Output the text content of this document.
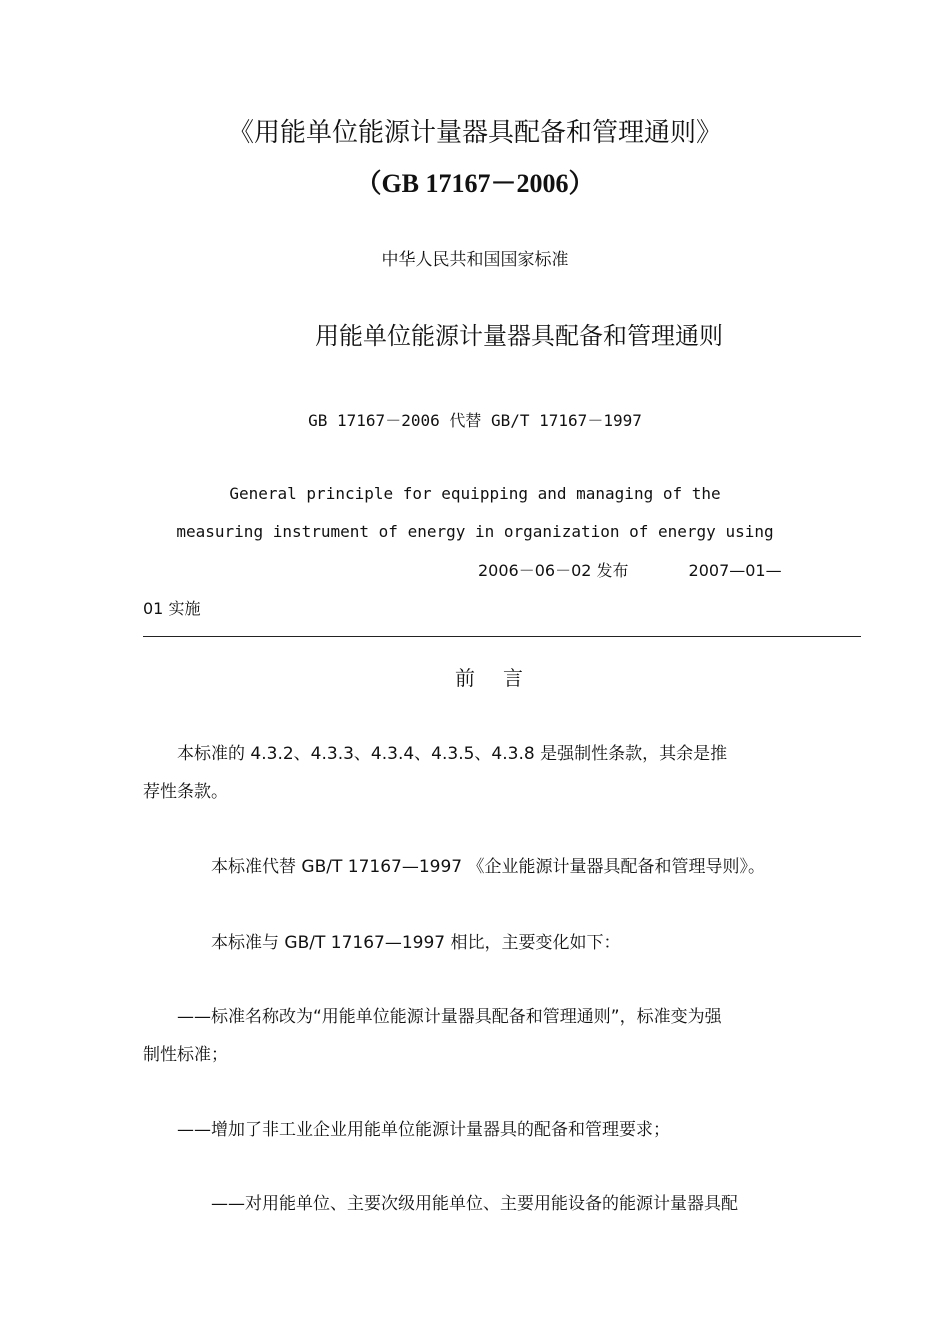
《用能单位能源计量器具配备和管理通则》
（GB 17167－2006）
中华人民共和国国家标准
用能单位能源计量器具配备和管理通则
GB 17167－2006 代替 GB/T 17167－1997
General principle for equipping and managing of the
measuring instrument of energy in organization of energy using
2006－06－02 发布	2007—01—
01 实施
前言
本标准的 4.3.2、4.3.3、4.3.4、4.3.5、4.3.8 是强制性条款，其余是推
荐性条款。
本标准代替 GB/T 17167—1997 《企业能源计量器具配备和管理导则》。
本标准与 GB/T 17167—1997 相比，主要变化如下：
——标准名称改为“用能单位能源计量器具配备和管理通则”，标准变为强
制性标准；
——增加了非工业企业用能单位能源计量器具的配备和管理要求；
——对用能单位、主要次级用能单位、主要用能设备的能源计量器具配
